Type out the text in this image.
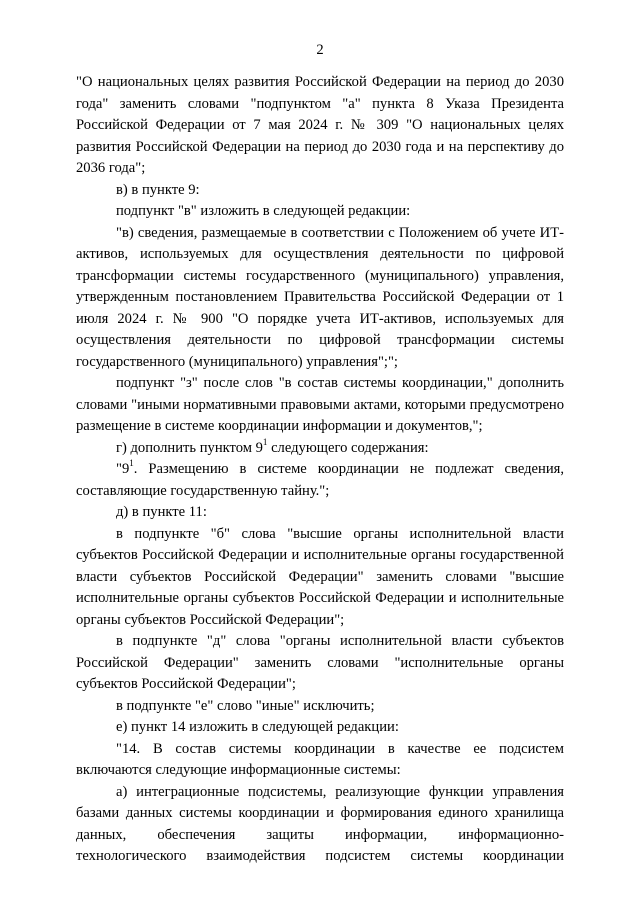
2

"О национальных целях развития Российской Федерации на период до 2030 года" заменить словами "подпунктом "а" пункта 8 Указа Президента Российской Федерации от 7 мая 2024 г. № 309 "О национальных целях развития Российской Федерации на период до 2030 года и на перспективу до 2036 года";

в) в пункте 9:

подпункт "в" изложить в следующей редакции:

"в) сведения, размещаемые в соответствии с Положением об учете ИТ-активов, используемых для осуществления деятельности по цифровой трансформации системы государственного (муниципального) управления, утвержденным постановлением Правительства Российской Федерации от 1 июля 2024 г. № 900 "О порядке учета ИТ-активов, используемых для осуществления деятельности по цифровой трансформации системы государственного (муниципального) управления";";

подпункт "з" после слов "в состав системы координации," дополнить словами "иными нормативными правовыми актами, которыми предусмотрено размещение в системе координации информации и документов,";

г) дополнить пунктом $9^1$ следующего содержания:

"$9^1$. Размещению в системе координации не подлежат сведения, составляющие государственную тайну.";

д) в пункте 11:

в подпункте "б" слова "высшие органы исполнительной власти субъектов Российской Федерации и исполнительные органы государственной власти субъектов Российской Федерации" заменить словами "высшие исполнительные органы субъектов Российской Федерации и исполнительные органы субъектов Российской Федерации";

в подпункте "д" слова "органы исполнительной власти субъектов Российской Федерации" заменить словами "исполнительные органы субъектов Российской Федерации";

в подпункте "е" слово "иные" исключить;

е) пункт 14 изложить в следующей редакции:

"14. В состав системы координации в качестве ее подсистем включаются следующие информационные системы:

а) интеграционные подсистемы, реализующие функции управления базами данных системы координации и формирования единого хранилища данных, обеспечения защиты информации, информационно-технологического взаимодействия подсистем системы координации
